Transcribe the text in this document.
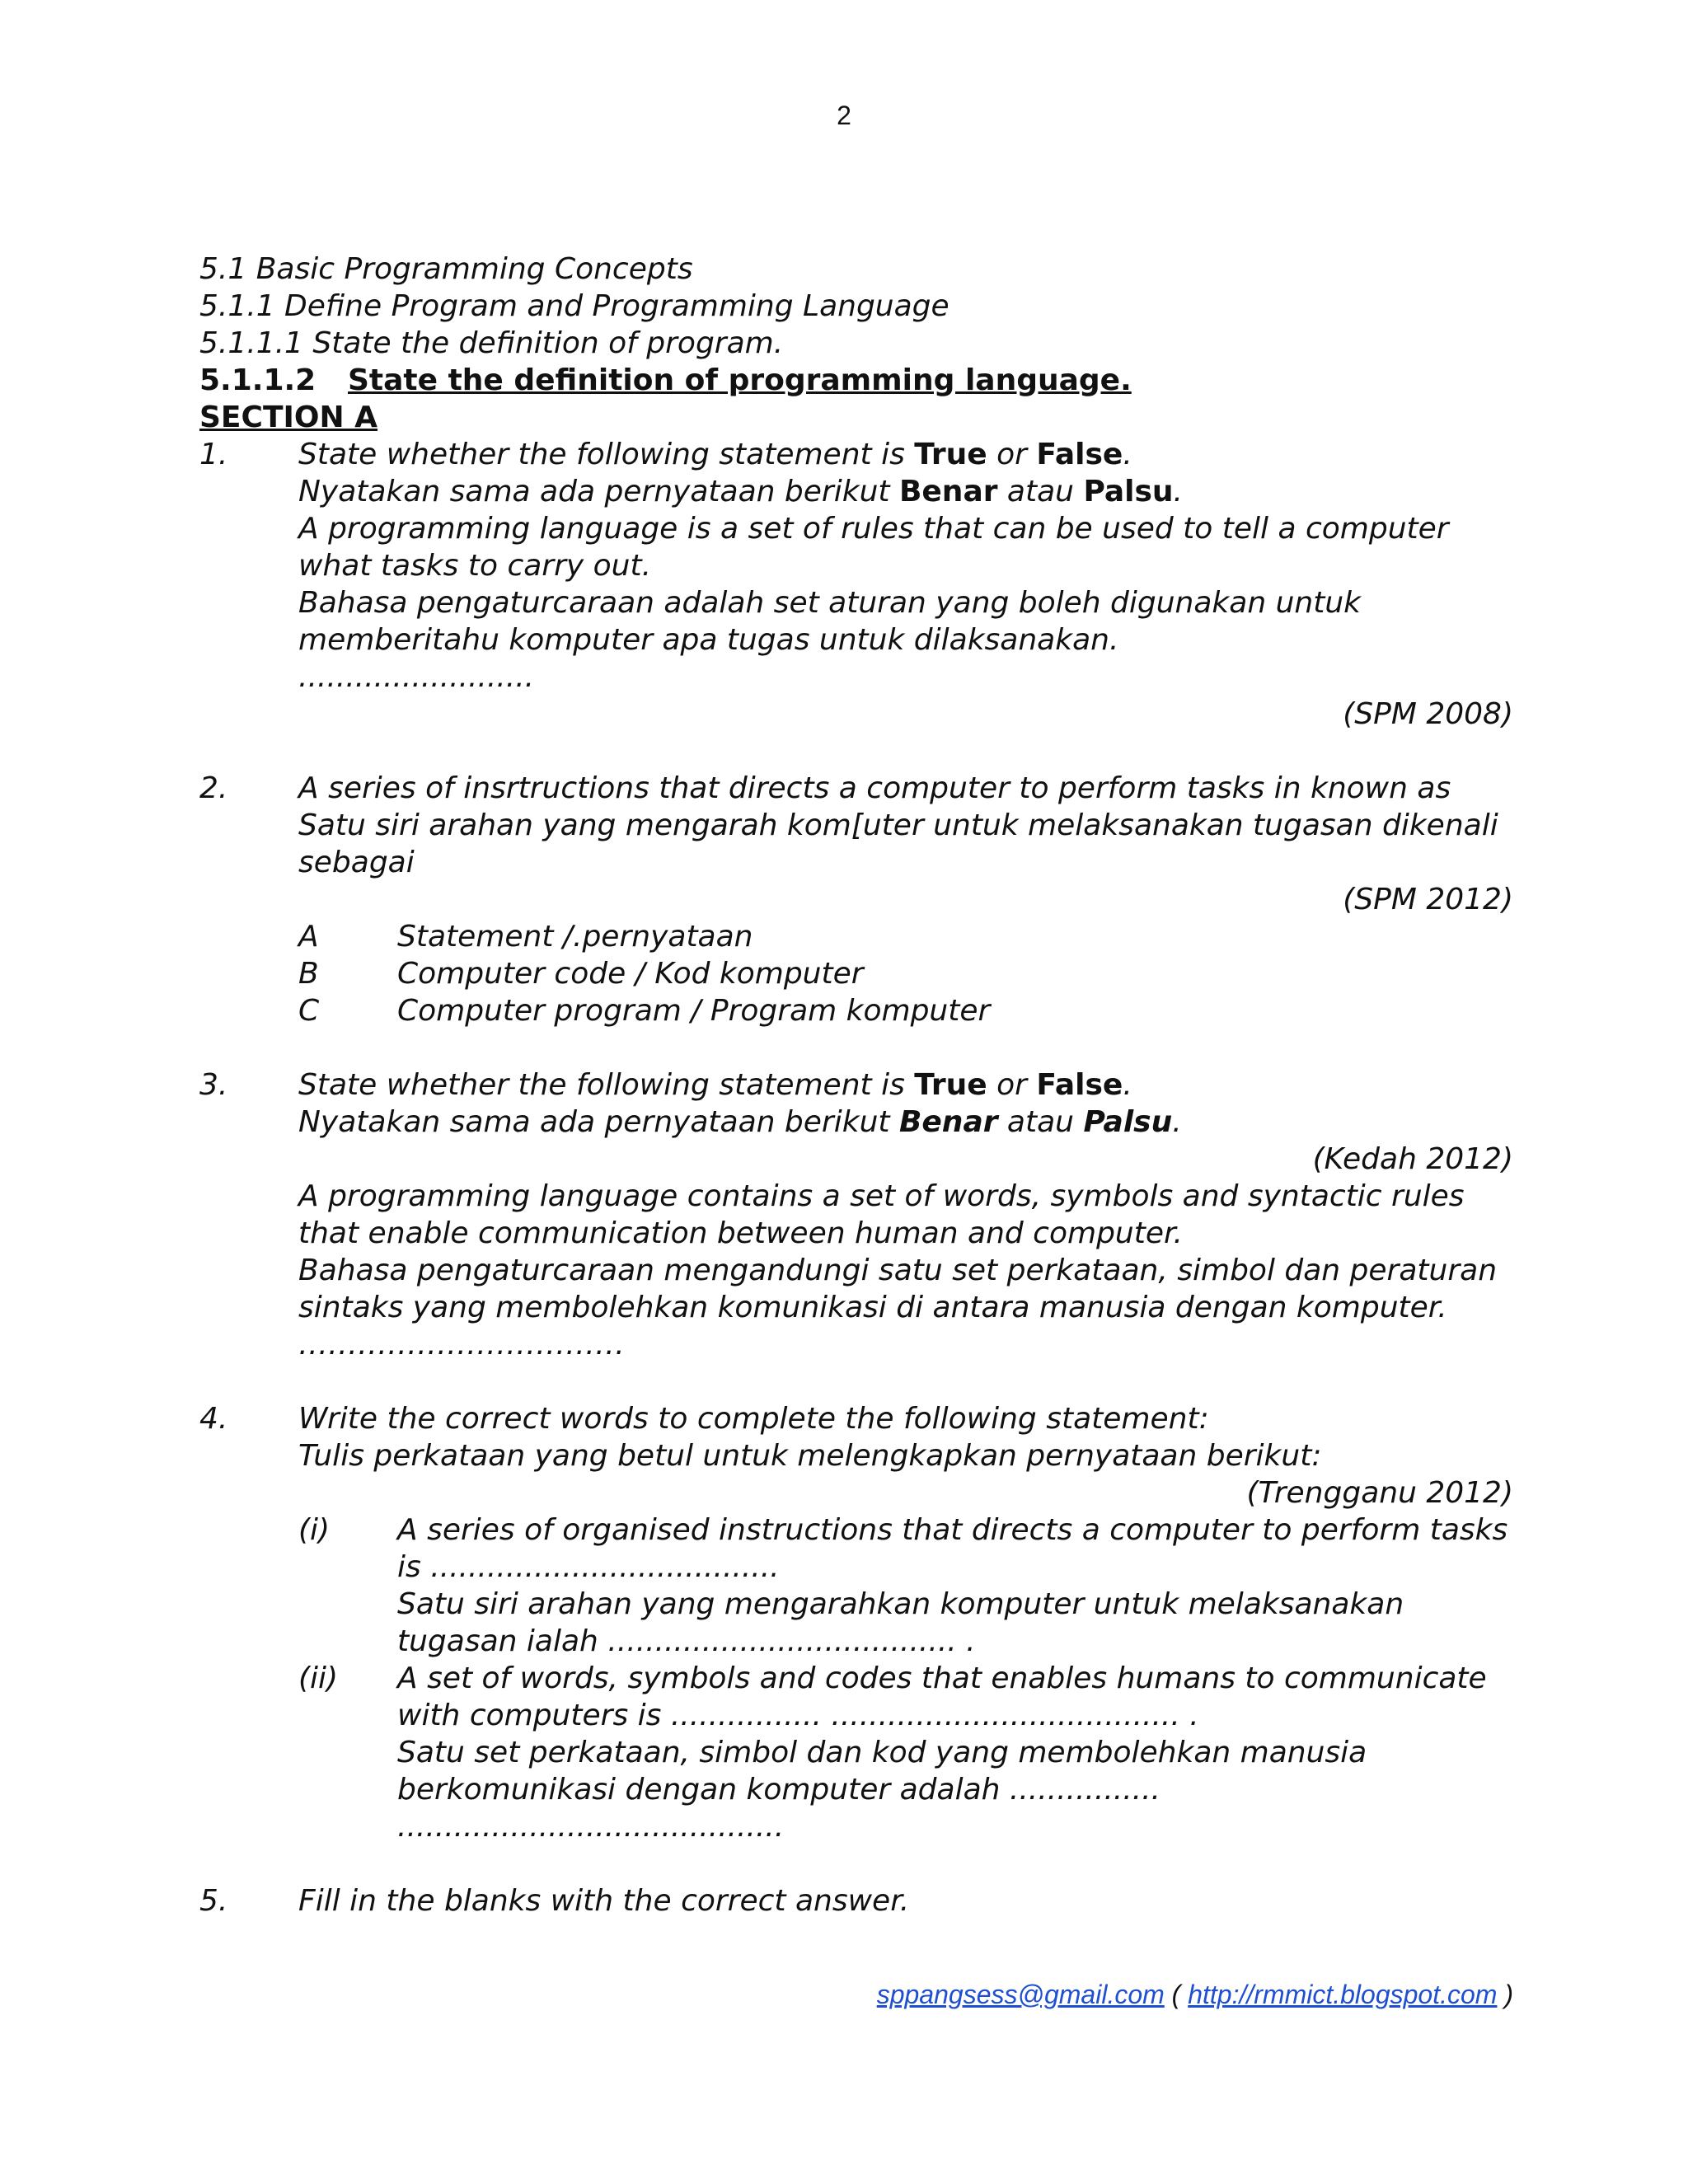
2

5.1 Basic Programming Concepts

5.1.1 Define Program and Programming Language

5.1.1.1 State the definition of program.

5.1.1.2 State the definition of programming language.

SECTION A

1.	State whether the following statement is True or False.

Nyatakan sama ada pernyataan berikut Benar atau Palsu.

A programming language is a set of rules that can be used to tell a computer what tasks to carry out.

Bahasa pengaturcaraan adalah set aturan yang boleh digunakan untuk memberitahu komputer apa tugas untuk dilaksanakan.

.........................

(SPM 2008)

2.	A series of insrtructions that directs a computer to perform tasks in known as

Satu siri arahan yang mengarah kom[uter untuk melaksanakan tugasan dikenali sebagai

(SPM 2012)

A	Statement /.pernyataan
B	Computer code / Kod komputer
C	Computer program / Program komputer
3.	State whether the following statement is True or False.

Nyatakan sama ada pernyataan berikut Benar atau Palsu.

(Kedah 2012)

A programming language contains a set of words, symbols and syntactic rules that enable communication between human and computer.

Bahasa pengaturcaraan mengandungi satu set perkataan, simbol dan peraturan sintaks yang membolehkan komunikasi di antara manusia dengan komputer.

……………………………

4.	Write the correct words to complete the following statement:

Tulis perkataan yang betul untuk melengkapkan pernyataan berikut:

(Trengganu 2012)

(i)	A series of organised instructions that directs a computer to perform tasks is .....................................

Satu siri arahan yang mengarahkan komputer untuk melaksanakan tugasan ialah ..................................... .

(ii)	A set of words, symbols and codes that enables humans to communicate with computers is ................ ..................................... .

Satu set perkataan, simbol dan kod yang membolehkan manusia berkomunikasi dengan komputer adalah ................ .........................................

5.	Fill in the blanks with the correct answer.

sppangsess@gmail.com ( http://rmmict.blogspot.com )
